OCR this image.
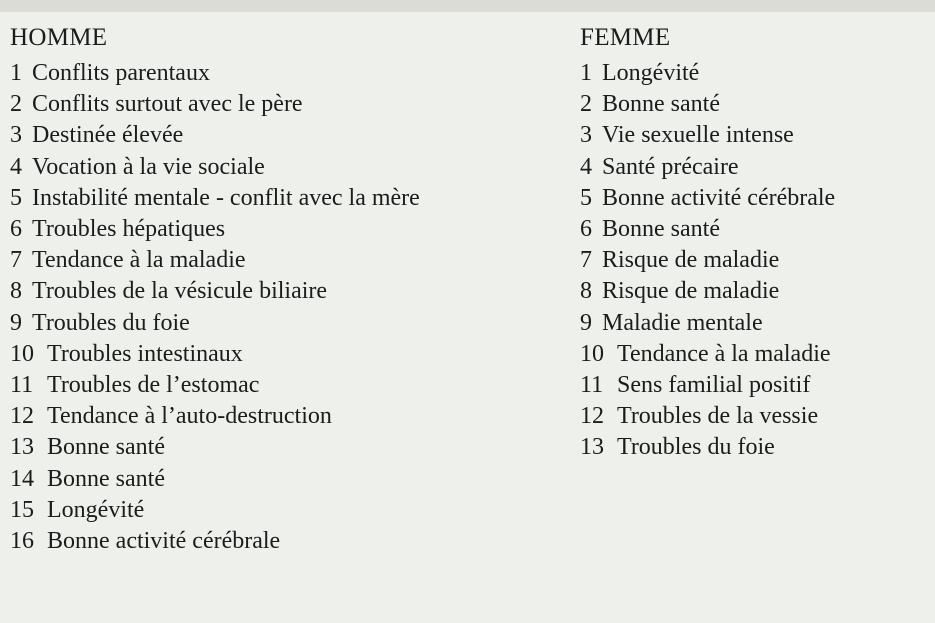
HOMME
1 Conflits parentaux
2 Conflits surtout avec le père
3 Destinée élevée
4 Vocation à la vie sociale
5 Instabilité mentale - conflit avec la mère
6 Troubles hépatiques
7 Tendance à la maladie
8 Troubles de la vésicule biliaire
9 Troubles du foie
10 Troubles intestinaux
11 Troubles de l’estomac
12 Tendance à l’auto-destruction
13 Bonne santé
14 Bonne santé
15 Longévité
16 Bonne activité cérébrale
FEMME
1 Longévité
2 Bonne santé
3 Vie sexuelle intense
4 Santé précaire
5 Bonne activité cérébrale
6 Bonne santé
7 Risque de maladie
8 Risque de maladie
9 Maladie mentale
10 Tendance à la maladie
11 Sens familial positif
12 Troubles de la vessie
13 Troubles du foie
